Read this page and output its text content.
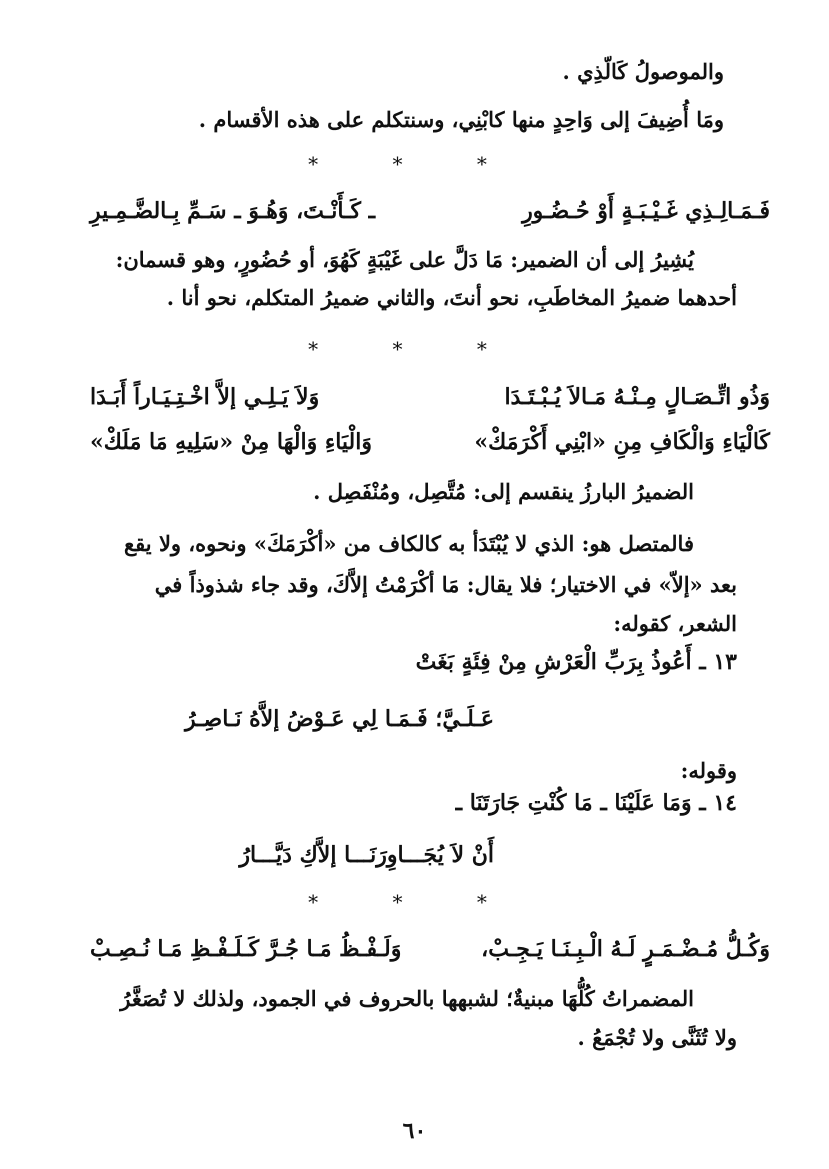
والموصولُ كَالّذِي .
ومَا أُضِيفَ إلى وَاحِدٍ منها كابْنِي، وسنتكلم على هذه الأقسام .
* * *
فَـمَـالِـذِي غَـيْـبَـةٍ أَوْ حُـضُـورِ
ـ كَـأَنْـتَ، وَهُـوَ ـ سَـمِّ بِـالضَّـمِـيرِ
يُشِيرُ إلى أن الضمير: مَا دَلَّ على غَيْبَةٍ كَهُوَ، أو حُضُورٍ، وهو قسمان:
أحدهما ضميرُ المخاطَبِ، نحو أنتَ، والثاني ضميرُ المتكلم، نحو أنا .
* * *
وَذُو اتِّـصَـالٍ مِـنْـهُ مَـالاَ يُـبْـتَـدَا
وَلاَ يَـلِـي إلاَّ اخْـتِـيَـاراً أَبَـدَا
كَالْيَاءِ وَالْكَافِ مِنِ «ابْنِي أَكْرَمَكْ»
وَالْيَاءِ وَالْهَا مِنْ «سَلِيهِ مَا مَلَكْ»
الضميرُ البارزُ ينقسم إلى: مُتَّصِل، ومُنْفَصِل .
فالمتصل هو: الذي لا يُبْتَدَأ به كالكاف من «أكْرَمَكَ» ونحوه، ولا يقع
بعد «إلاّ» في الاختيار؛ فلا يقال: مَا أكْرَمْتُ إلاَّكَ، وقد جاء شذوذاً في
الشعر، كقوله:
١٣ ـ أَعُوذُ بِرَبِّ الْعَرْشِ مِنْ فِئَةٍ بَغَتْ
عَـلَـيَّ؛ فَـمَـا لِي عَـوْضُ إلاَّهُ نَـاصِـرُ
وقوله:
١٤ ـ وَمَا عَلَيْنَا ـ مَا كُنْتِ جَارَتَنَا ـ
أَنْ لاَ يُجَـــاوِرَنَـــا إلاَّكِ دَيَّـــارُ
* * *
وَكُـلُّ مُـضْـمَـرٍ لَـهُ الْـبِـنَـا يَـجِـبْ،
وَلَـفْـظُ مَـا جُـرَّ كَـلَـفْـظِ مَـا نُـصِـبْ
المضمراتُ كُلُّهَا مبنيةٌ؛ لشبهها بالحروف في الجمود، ولذلك لا تُصَغَّرُ
ولا تُثَنَّى ولا تُجْمَعُ .
٦٠
